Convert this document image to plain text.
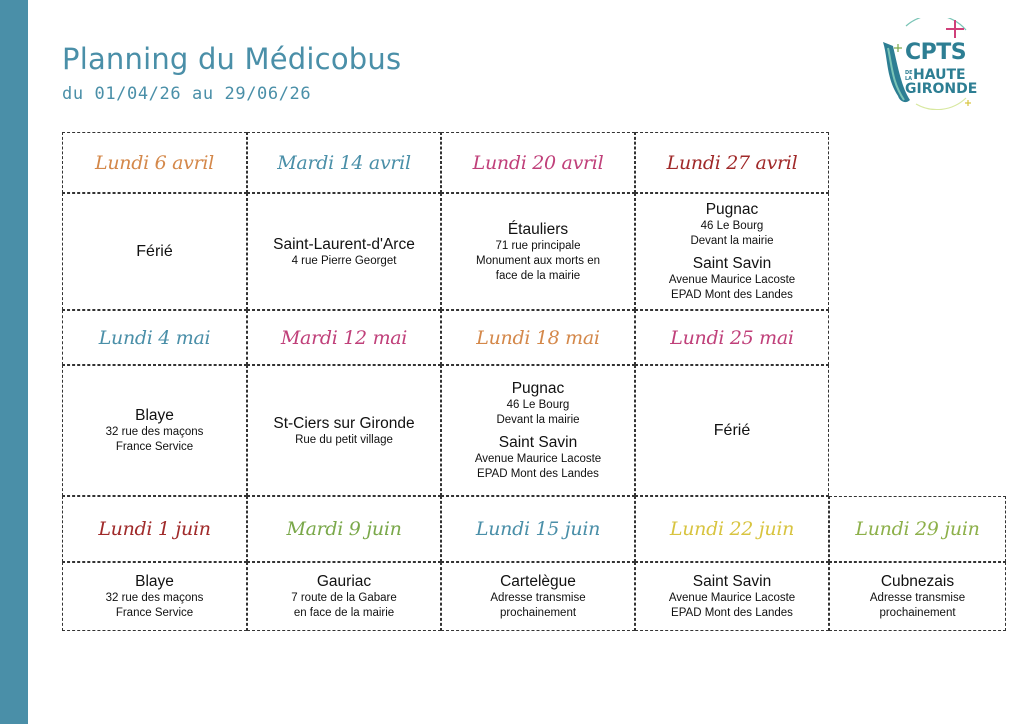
Planning du Médicobus
du 01/04/26 au 29/06/26
CPTS
DE
LA HAUTE
GIRONDE
Lundi 6 avril
Férié
Mardi 14 avril
Saint-Laurent-d'Arce
4 rue Pierre Georget
Lundi 20 avril
Étauliers
71 rue principale
Monument aux morts en
face de la mairie
Lundi 27 avril
Pugnac
46 Le Bourg
Devant la mairie
Saint Savin
Avenue Maurice Lacoste
EPAD Mont des Landes
Lundi 4 mai
Blaye
32 rue des maçons
France Service
Mardi 12 mai
St-Ciers sur Gironde
Rue du petit village
Lundi 18 mai
Pugnac
46 Le Bourg
Devant la mairie
Saint Savin
Avenue Maurice Lacoste
EPAD Mont des Landes
Lundi 25 mai
Férié
Lundi 1 juin
Blaye
32 rue des maçons
France Service
Mardi 9 juin
Gauriac
7 route de la Gabare
en face de la mairie
Lundi 15 juin
Cartelègue
Adresse transmise
prochainement
Lundi 22 juin
Saint Savin
Avenue Maurice Lacoste
EPAD Mont des Landes
Lundi 29 juin
Cubnezais
Adresse transmise
prochainement
